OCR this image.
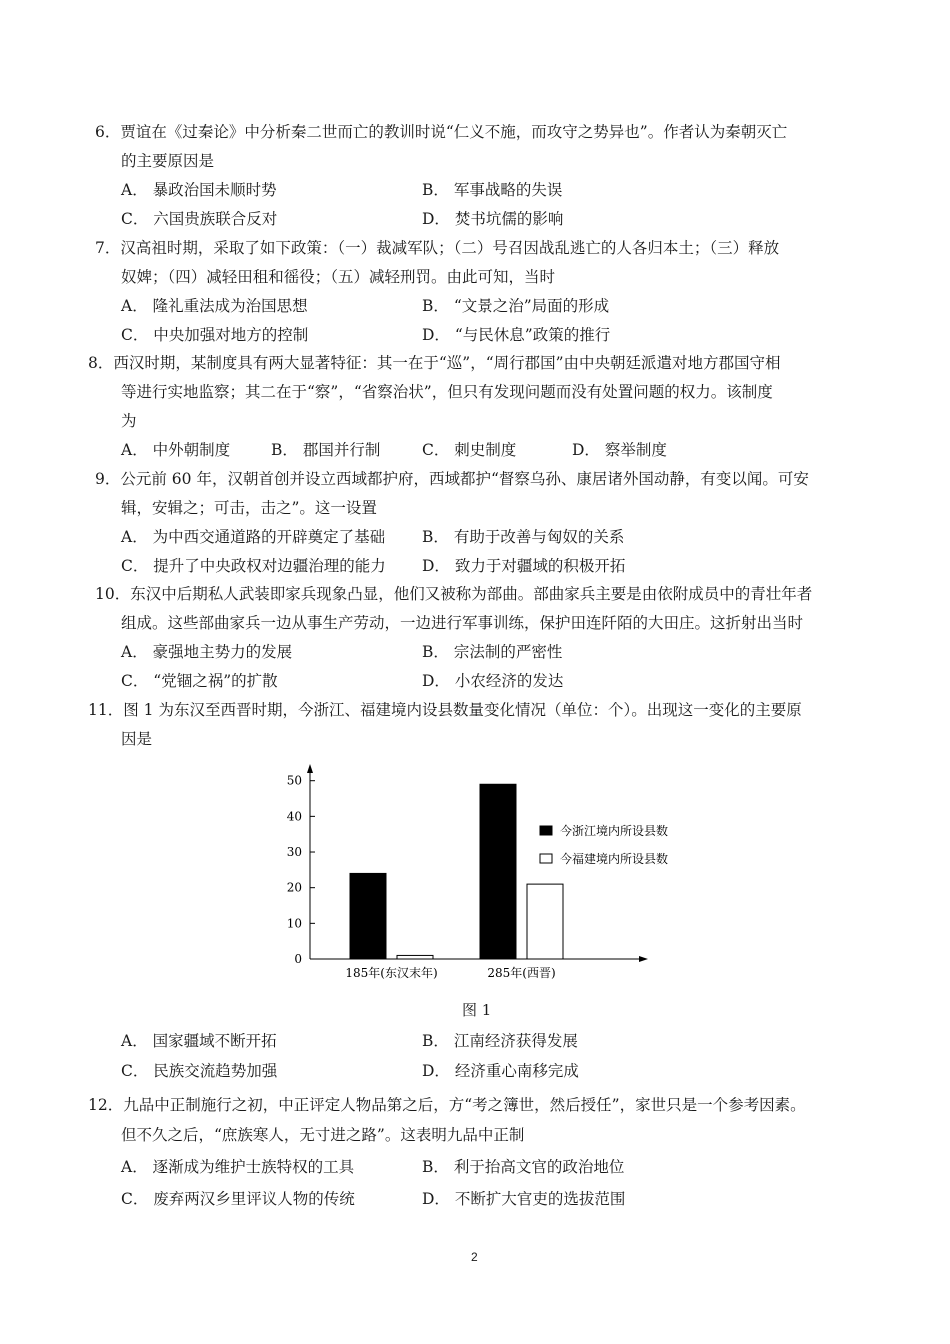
6．贾谊在《过秦论》中分析秦二世而亡的教训时说“仁义不施，而攻守之势异也”。作者认为秦朝灭亡
的主要原因是
A． 暴政治国未顺时势	B． 军事战略的失误
C． 六国贵族联合反对	D． 焚书坑儒的影响
7．汉高祖时期，采取了如下政策：（一）裁减军队；（二）号召因战乱逃亡的人各归本土；（三）释放
奴婢；（四）减轻田租和徭役；（五）减轻刑罚。由此可知，当时
A． 隆礼重法成为治国思想	B． “文景之治”局面的形成
C． 中央加强对地方的控制	D． “与民休息”政策的推行
8．西汉时期，某制度具有两大显著特征：其一在于“巡”，“周行郡国”由中央朝廷派遣对地方郡国守相
等进行实地监察；其二在于“察”，“省察治状”，但只有发现问题而没有处置问题的权力。该制度
为
A． 中外朝制度	B． 郡国并行制	C． 刺史制度	D． 察举制度
9．公元前 60 年，汉朝首创并设立西域都护府，西域都护“督察乌孙、康居诸外国动静，有变以闻。可安
辑，安辑之；可击，击之”。这一设置
A． 为中西交通道路的开辟奠定了基础 B． 有助于改善与匈奴的关系
C． 提升了中央政权对边疆治理的能力 D． 致力于对疆域的积极开拓
10．东汉中后期私人武装即家兵现象凸显，他们又被称为部曲。部曲家兵主要是由依附成员中的青壮年者
组成。这些部曲家兵一边从事生产劳动，一边进行军事训练，保护田连阡陌的大田庄。这折射出当时
A． 豪强地主势力的发展	B． 宗法制的严密性
C． “党锢之祸”的扩散	D． 小农经济的发达
11．图 1 为东汉至西晋时期，今浙江、福建境内设县数量变化情况（单位：个）。出现这一变化的主要原
因是
0
10
20
30
40
50
185年(东汉末年)	285年(西晋)
今浙江境内所设县数
今福建境内所设县数
图 1
A． 国家疆域不断开拓	B． 江南经济获得发展
C． 民族交流趋势加强	D． 经济重心南移完成
12．九品中正制施行之初，中正评定人物品第之后，方“考之簿世，然后授任”，家世只是一个参考因素。
但不久之后，“庶族寒人，无寸进之路”。这表明九品中正制
A． 逐渐成为维护士族特权的工具	B． 利于抬高文官的政治地位
C． 废弃两汉乡里评议人物的传统	D． 不断扩大官吏的选拔范围
2
